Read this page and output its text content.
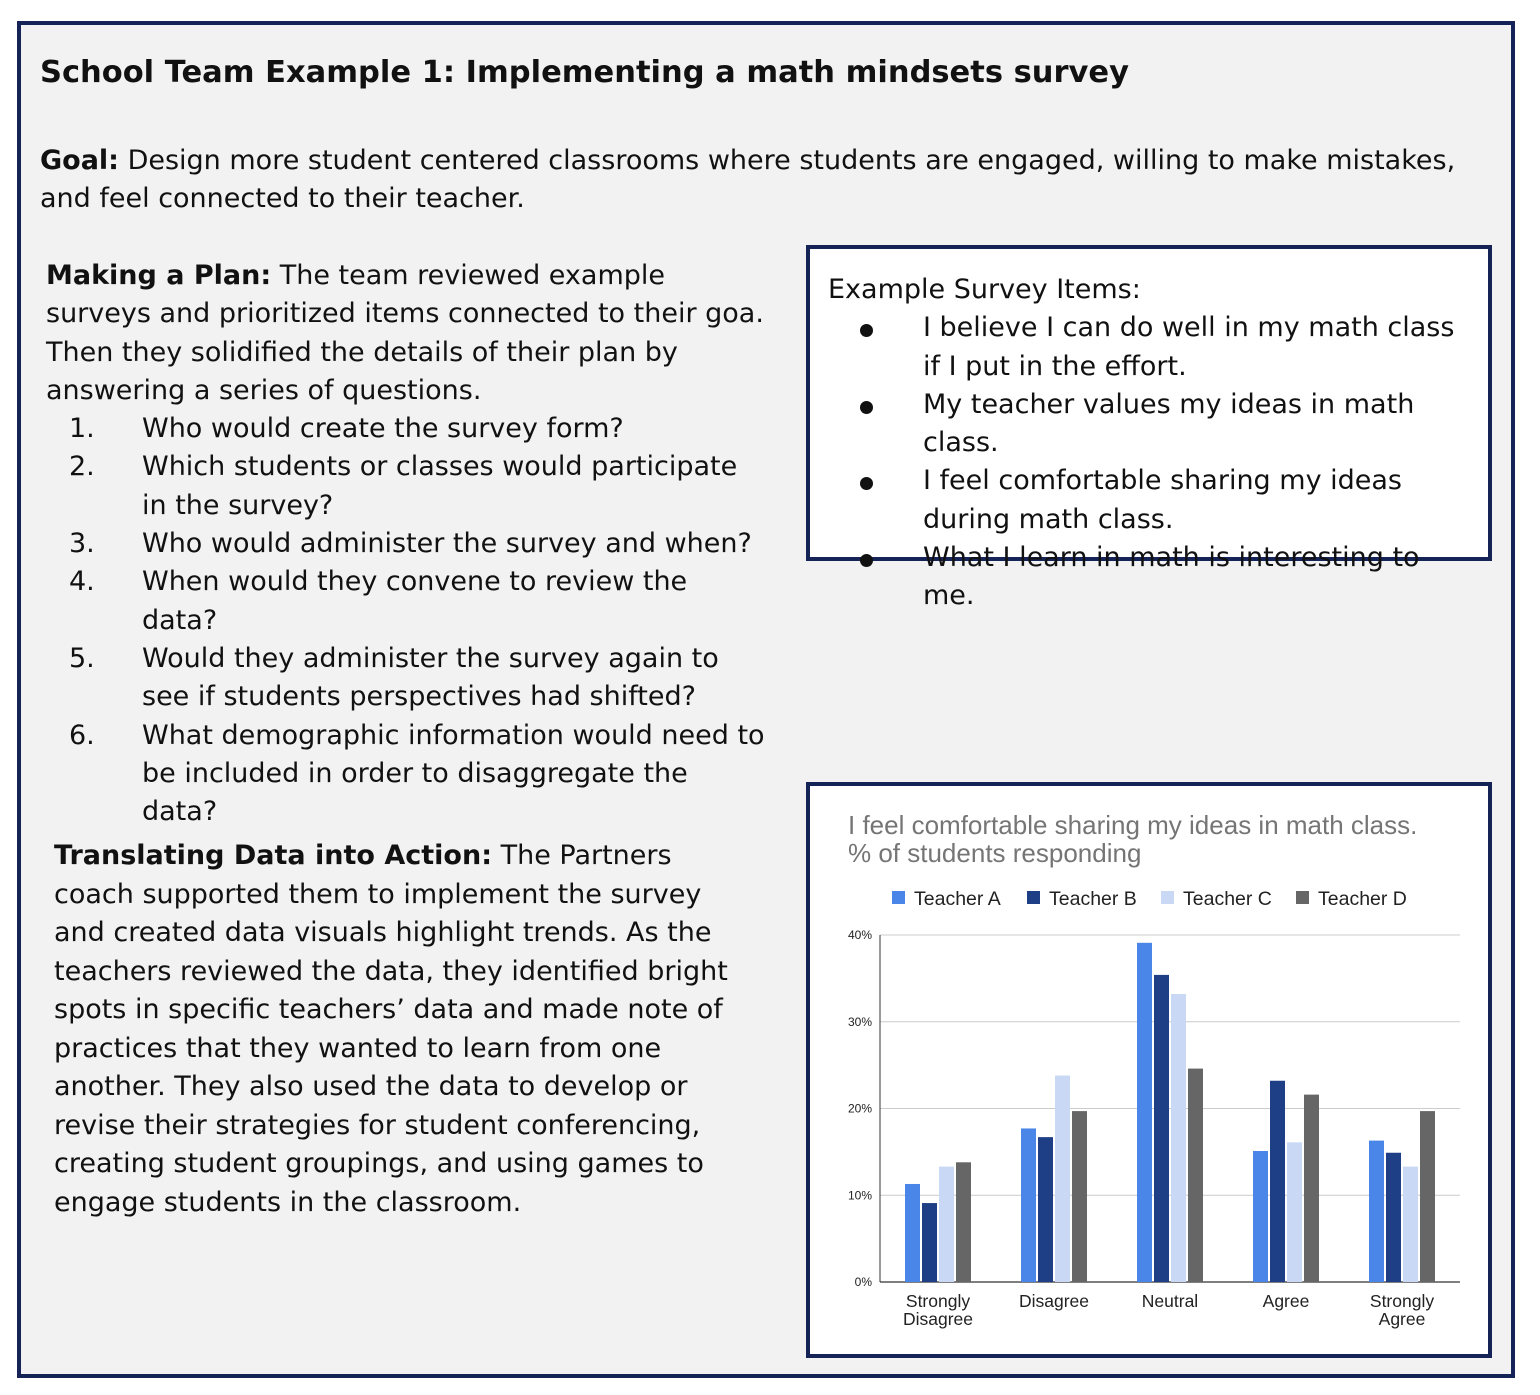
School Team Example 1: Implementing a math mindsets survey

Goal: Design more student centered classrooms where students are engaged, willing to make mistakes, and feel connected to their teacher.

Making a Plan: The team reviewed example surveys and prioritized items connected to their goa. Then they solidified the details of their plan by answering a series of questions.

1. Who would create the survey form?
2. Which students or classes would participate in the survey?
3. Who would administer the survey and when?
4. When would they convene to review the data?
5. Would they administer the survey again to see if students perspectives had shifted?
6. What demographic information would need to be included in order to disaggregate the data?
Example Survey Items:
I believe I can do well in my math class if I put in the effort.
My teacher values my ideas in math class.
I feel comfortable sharing my ideas during math class.
What I learn in math is interesting to me.

Translating Data into Action: The Partners coach supported them to implement the survey and created data visuals highlight trends. As the teachers reviewed the data, they identified bright spots in specific teachers’ data and made note of practices that they wanted to learn from one another. They also used the data to develop or revise their strategies for student conferencing, creating student groupings, and using games to engage students in the classroom.

I feel comfortable sharing my ideas in math class.
% of students responding
Teacher A Teacher B Teacher C Teacher D
0%
10%
20%
30%
40%
Strongly Disagree
Disagree	Neutral	Agree	Strongly Agree
